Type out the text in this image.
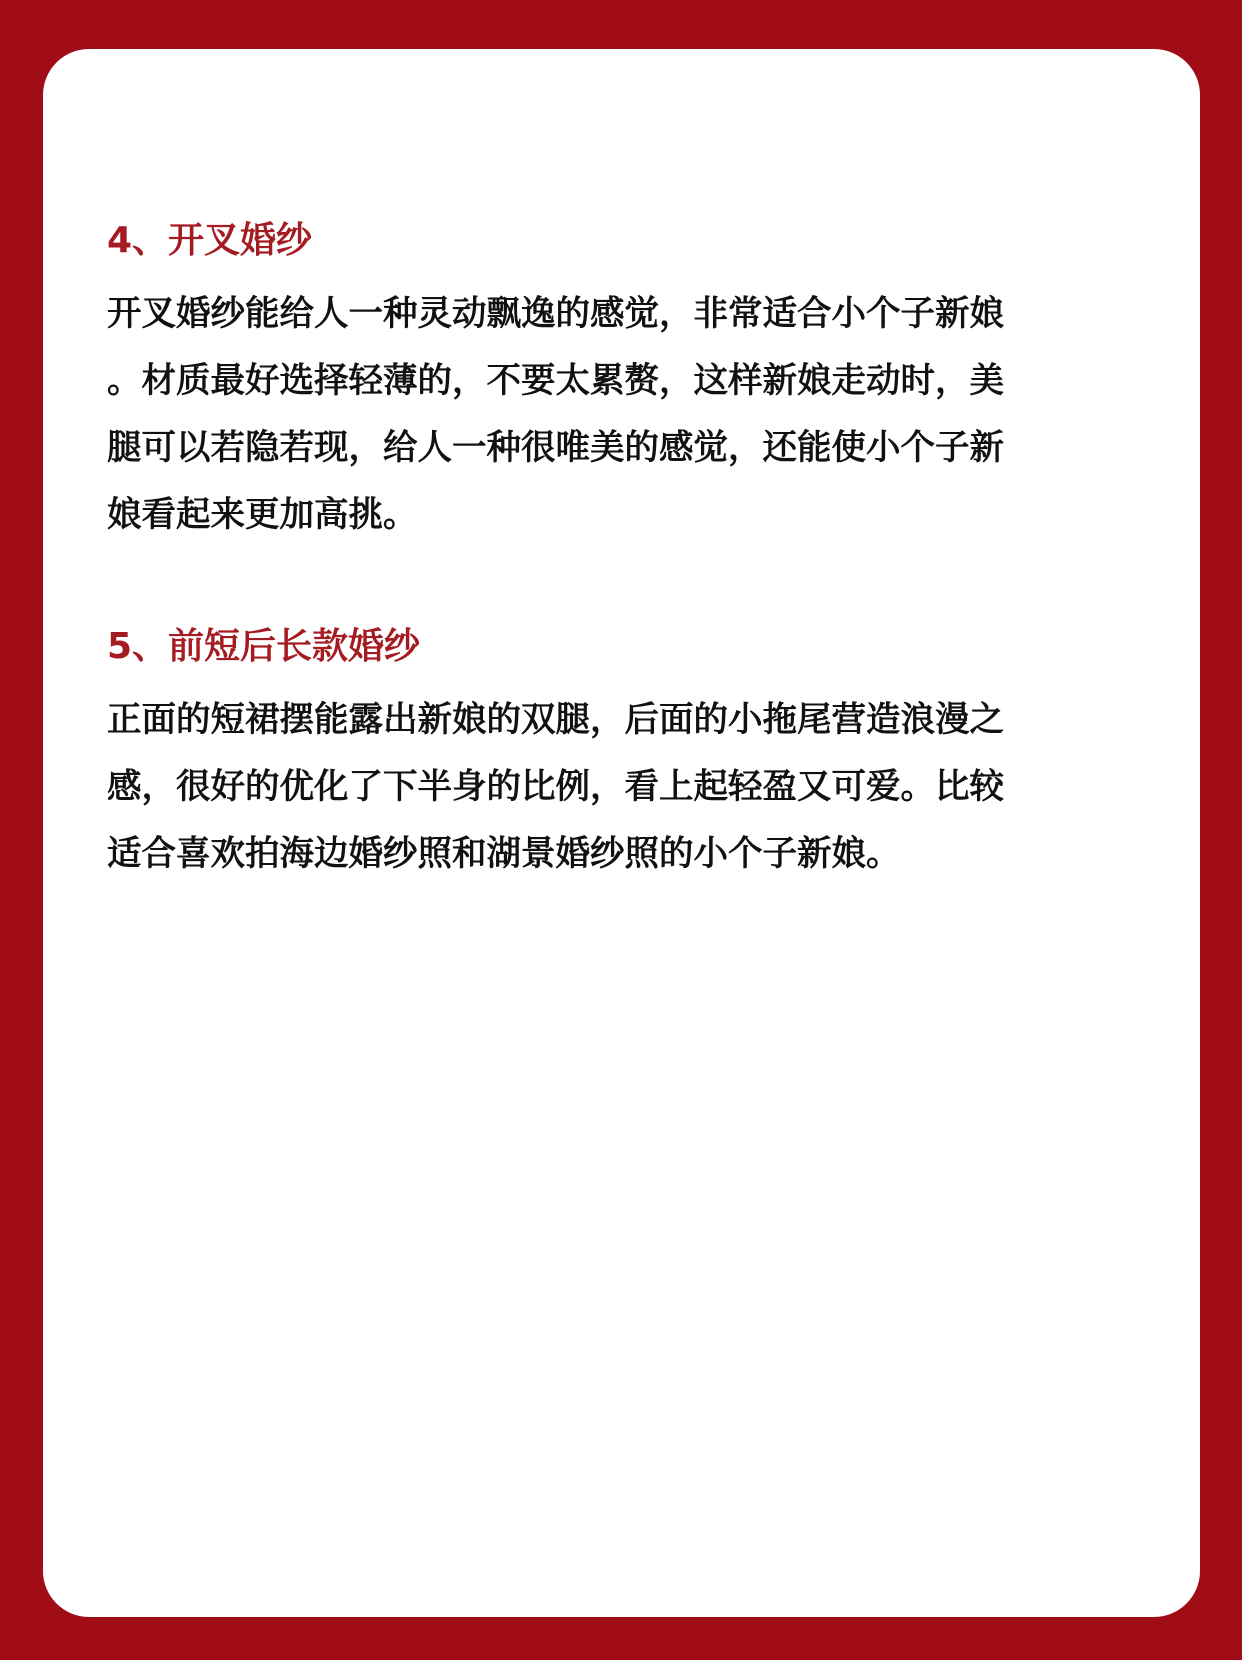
4、开叉婚纱
开叉婚纱能给人一种灵动飘逸的感觉，非常适合小个子新娘
。材质最好选择轻薄的，不要太累赘，这样新娘走动时，美
腿可以若隐若现，给人一种很唯美的感觉，还能使小个子新
娘看起来更加高挑。
5、前短后长款婚纱
正面的短裙摆能露出新娘的双腿，后面的小拖尾营造浪漫之
感，很好的优化了下半身的比例，看上起轻盈又可爱。比较
适合喜欢拍海边婚纱照和湖景婚纱照的小个子新娘。
